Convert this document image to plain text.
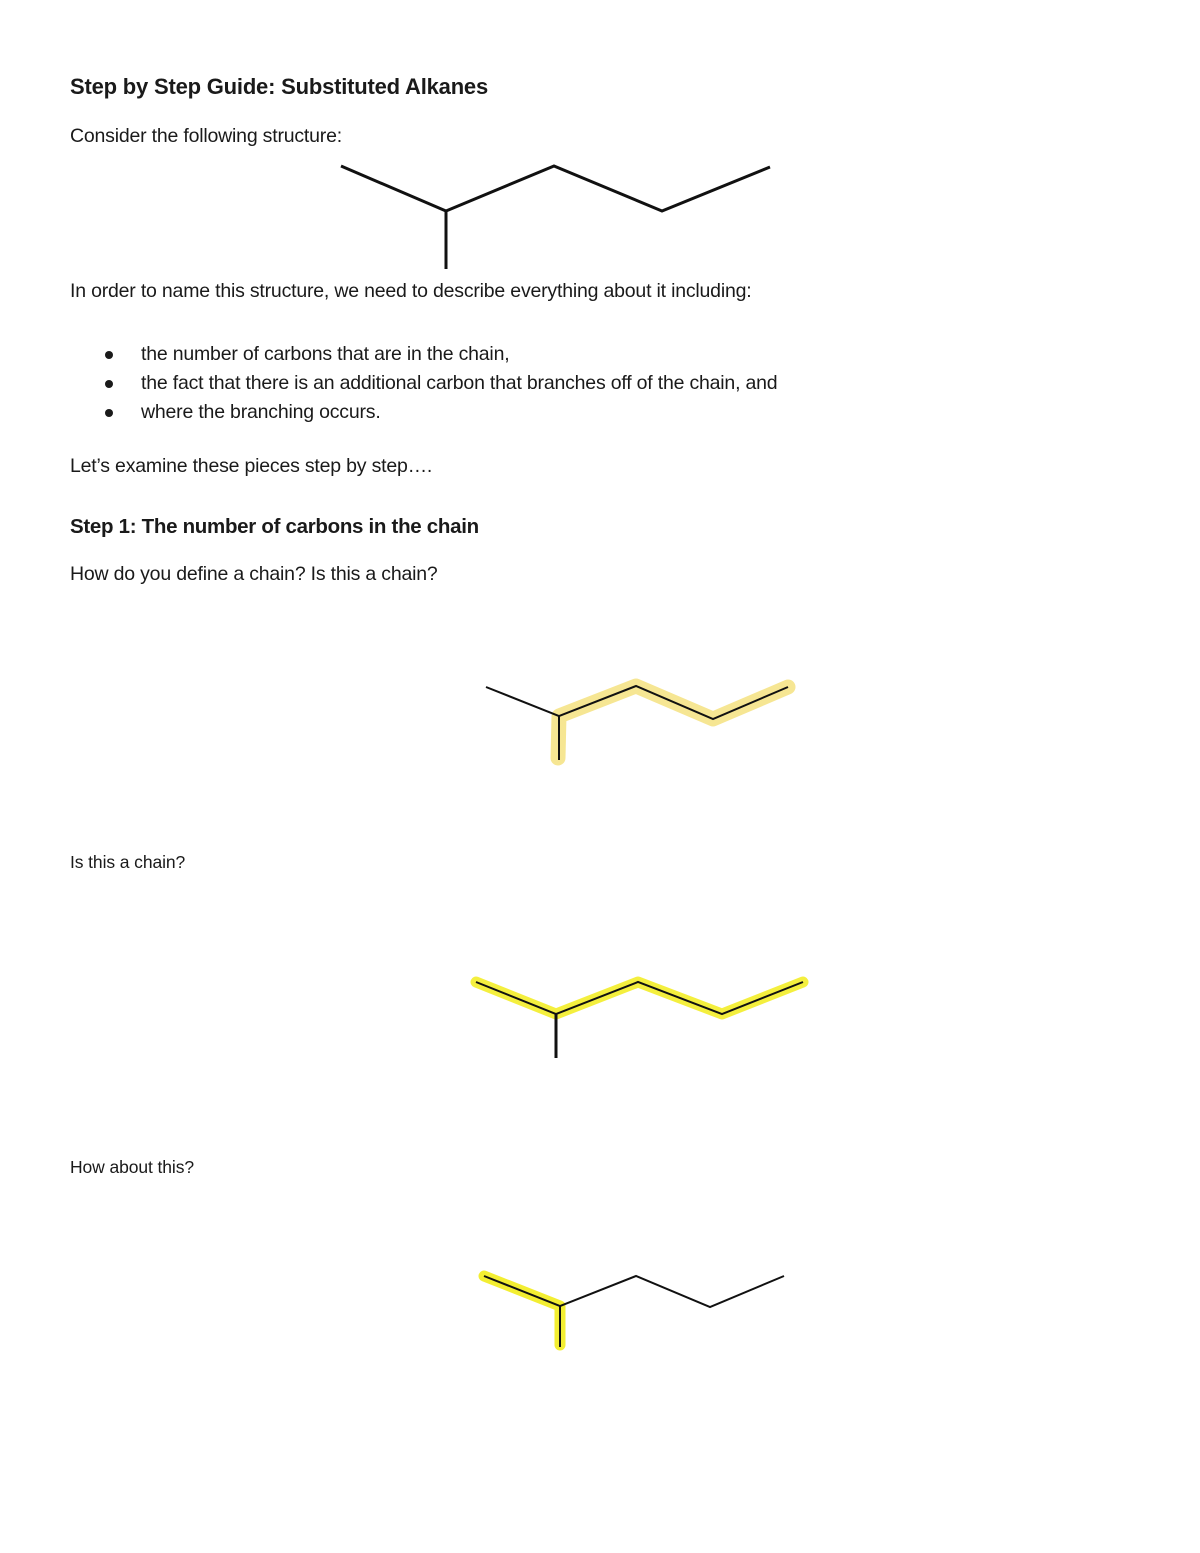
Step by Step Guide: Substituted Alkanes

Consider the following structure:

In order to name this structure, we need to describe everything about it including:

the number of carbons that are in the chain,
the fact that there is an additional carbon that branches off of the chain, and
where the branching occurs.

Let’s examine these pieces step by step….

Step 1: The number of carbons in the chain

How do you define a chain? Is this a chain?

Is this a chain?

How about this?
